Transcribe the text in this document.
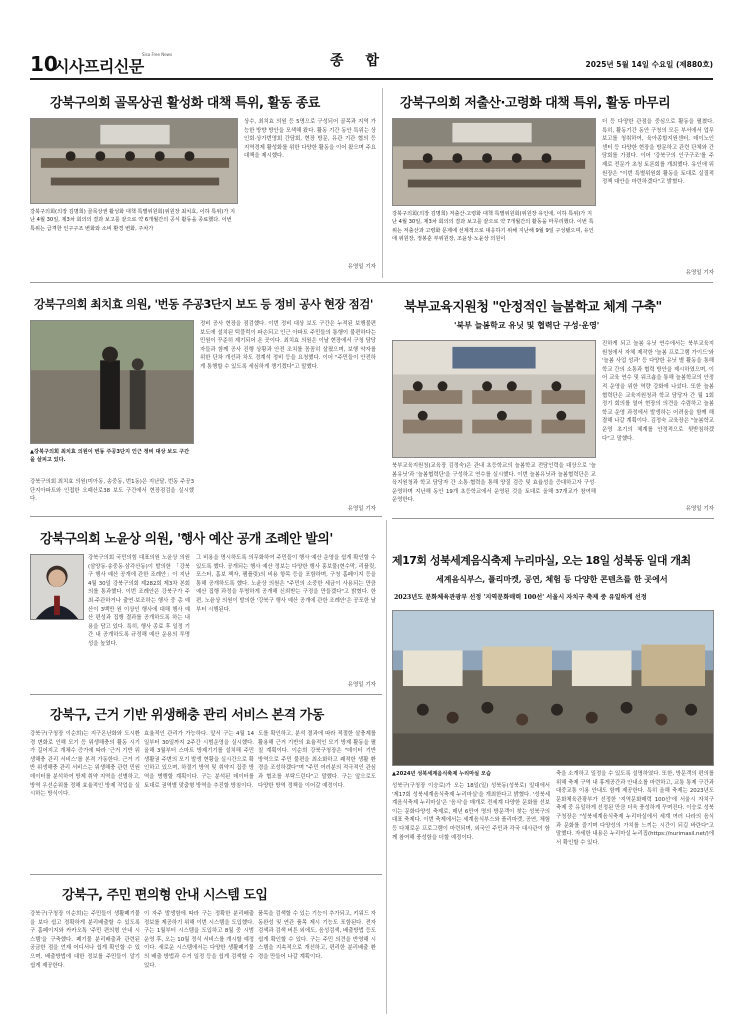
10
시사프리신문
Sisa Free News	종합	2025년 5월 14일 수요일 (제880호)
강북구의회 골목상권 활성화 대책 특위, 활동 종료
강북구의회(의장 김명희) 골목상권 활성화 대책 특별위원회(위원장 최치효, 이하 특위)가 지난 4월 30일, 제3차 회의의 결과 보고를 끝으로 약 6개월간의 공식 활동을 종료했다. 이번 특위는 급격한 인구구조 변화와 소비 환경 변화, 주차가
상수, 최치효 의원 등 5명으로 구성되어 골목과 지역 가능한 방향 방안을 모색해 왔다. 활동 기간 동안 특위는 상인회·상가번영회 간담회, 현장 방문, 유관 기관 협의 등 지역경제 활성화를 위한 다양한 활동을 이어 왔으며 주요 대책을 제시했다.
유영일 기자
강북구의회 저출산·고령화 대책 특위, 활동 마무리
강북구의회(의장 김명희) 저출산·고령화 대책 특별위원회(위원장 유인애, 이하 특위)가 지난 4월 30일, 제3차 회의의 결과 보고를 끝으로 약 7개월간의 활동을 마무리했다. 이번 특위는 저출산과 고령화 문제에 선제적으로 대응하기 위해 지난해 9월 9일 구성됐으며, 유인애 위원장, 정봉훈 부위원장, 조윤상·노윤상 의원이
더 등 다양한 관점을 중심으로 활동을 펼쳤다. 특히, 활동기간 동안 구청의 모든 부서에서 업무보고를 청취하여, 육아종합지원센터, 데이노인센터 등 다양한 현장을 방문하고 관련 단체와 간담회를 가졌다. 이어 '강북구의 인구구조'를 주제로 전문가 초청 토론회를 개최했다. 유인애 위원장은 "이번 특별위원회 활동을 토대로 실질적 정책 대안을 마련하겠다"고 밝혔다.
유영일 기자
강북구의회 최치효 의원, '번동 주공3단지 보도 등 정비 공사 현장 점검'
▲강북구의회 최치효 의원이 번동 주공3단지 인근 정비 대상 보도 구간을 살피고 있다.
강북구의회 최치효 의원(미아동, 송중동, 번1동)은 지난달, 번동 주공3단지아파트와 인접한 오패산로38 보도 구간에서 현장점검을 실시했다.
정비 공사 현장을 점검했다. 이번 정비 대상 보도 구간은 누적된 보행불편 보도에 설치된 턱블럭이 파손되고 인근 아파트 주민들의 통행이 불편하다는 민원이 꾸준히 제기되어 온 곳이다. 최치효 의원은 이날 현장에서 구청 담당자들과 함께 공사 진행 상황과 안전 조치를 꼼꼼히 살폈으며, 보행 약자를 위한 단차 개선과 차도 경계석 정비 등을 요청했다. 이어 "주민들이 안전하게 통행할 수 있도록 세심하게 챙기겠다"고 말했다.
유영일 기자
북부교육지원청 "안정적인 늘봄학교 체계 구축"
'북부 늘봄학교 유닛 및 협력단 구성·운영'
북부교육지원청(교육장 김정숙)은 관내 초등학교의 늘봄학교 전담인력을 대상으로 '늘봄유닛'과 '늘봄협력단'을 구성하고 연수를 실시했다. 이번 늘봄유닛과 늘봄협력단은 교육지원청과 학교 담당자 간 소통·협력을 통해 양질 검증 및 효율성을 증대하고자 구성·운영하며 지난해 동안 19개 초등학교에서 운영된 것을 토대로 올해 37개교가 참여해 운영한다.
진하게 되고 늘봄 유닛 연수에서는 북부교육지원청에서 자체 제작한 '늘봄 프로그램 가이드'와 '늘봄 사업 성과' 등 다양한 유닛 별 활동을 통해 학교 간의 소통과 협력 방안을 제시하였으며, 이어 교육 연수 및 워크숍을 통해 늘봄학교의 안정적 운영을 위한 역량 강화에 나섰다. 또한 늘봄협력단은 교육지원청과 학교 담당자 간 월 1회 정기 회의를 열어 현장의 의견을 수렴하고 늘봄학교 운영 과정에서 발생하는 어려움을 함께 해결해 나갈 계획이다. 김정숙 교육장은 "늘봄학교 운영 초기의 체계를 안정적으로 뒷받침하겠다"고 말했다.
유영일 기자
강북구의회 노윤상 의원, '행사 예산 공개 조례안 발의'
강북구의회 국민의힘 대표의원 노윤상 의원(삼양동·송중동·삼각산동)이 발의한 「강북구 행사 예산 공개에 관한 조례안」이 지난 4월 30일 강북구의회 제282회 제3차 본회의를 통과했다. 이번 조례안은 강북구가 주최·주관하거나 출연·보조하는 행사 중 총 예산이 3백만 원 이상인 행사에 대해 행사 예산 편성과 집행 결과를 공개하도록 하는 내용을 담고 있다. 특히, 행사 종료 후 일정 기간 내 공개하도록 규정해 예산 운용의 투명성을 높였다.
그 비용을 명시하도록 의무화하여 주민들이 행사 예산 운영을 쉽게 확인할 수 있도록 했다. 공개되는 행사 예산 정보는 다양한 행사 홍보물(현수막, 리플릿, 포스터, 홈보 책자, 팸플릿)의 비용 항목 등을 포함하며, 구청 홈페이지 등을 통해 공개하도록 했다. 노윤상 의원은 "주민의 소중한 세금이 사용되는 만큼 예산 집행 과정을 투명하게 공개해 신뢰받는 구정을 만들겠다"고 밝혔다. 한편, 노윤상 의원이 발의한 '강북구 행사 예산 공개에 관한 조례안'은 공포한 날부터 시행된다.
유영일 기자
강북구, 근거 기반 위생해충 관리 서비스 본격 가동
강북구(구청장 이순희)는 지구온난화와 도시환경 변화로 인해 모기 등 위생해충의 활동 시기가 길어지고 개체수 증가에 따라 '근거 기반 위생해충 관리 서비스'를 본격 가동한다. 근거 기반 위생해충 관리 서비스는 위생해충 관련 민원 데이터를 분석하여 방제 취약 지역을 선별하고, 방역 우선순위를 정해 효율적인 방제 작업을 실시하는 방식이다.
효율적인 관리가 가능하다. 앞서 구는 4월 14일부터 30일까지 2주간 시범운영을 실시했다. 올해 3월부터 스마트 방제기기를 설치해 주민 생활권 주변의 모기 발생 현황을 실시간으로 확인하고 있으며, 하절기 방역 및 취약지 집중 방역을 병행할 계획이다. 구는 분석된 데이터를 토대로 권역별 맞춤형 방역을 추진할 방침이다.
도를 확인하고, 분석 결과에 따라 적절한 살충제를 활용해 근거 기반의 효율적인 모기 방제 활동을 펼칠 계획이다. 이순희 강북구청장은 "데이터 기반 방역으로 주민 불편을 최소화하고 쾌적한 생활 환경을 조성하겠다"며 "주민 여러분의 적극적인 관심과 협조를 부탁드린다"고 말했다. 구는 앞으로도 다양한 방역 정책을 이어갈 예정이다.
강북구, 주민 편의형 안내 시스템 도입
강북구(구청장 이순희)는 주민들이 생활폐기물을 보다 쉽고 정확하게 분리배출할 수 있도록 구 홈페이지와 카카오톡 '주민 편의형 안내 시스템'을 구축했다. 폐기물 분리배출과 관련된 궁금한 점을 언제 어디서나 쉽게 확인할 수 있으며, 배출방법에 대한 정보를 주민들이 알기 쉽게 제공한다.
이 자주 발생함에 따라 구는 정확한 분리배출 정보를 제공하기 위해 이번 시스템을 도입했다. 구는 1월부터 시스템을 도입하고 8월 중 시범 운영 후, 오는 10월 정식 서비스를 개시할 예정이다. 새로운 시스템에서는 다양한 생활폐기물의 배출 방법과 수거 일정 등을 쉽게 검색할 수 있다.
품목을 검색할 수 있는 기능이 추가되고, 키워드 자동완성 및 연관 품목 제시 기능도 포함된다. 전자 검색과 검색 버튼 외에도, 음성검색, 배출방법 등도 쉽게 확인할 수 있다. 구는 주민 의견을 반영해 시스템을 지속적으로 개선하고, 편리한 분리배출 환경을 만들어 나갈 계획이다.
제17회 성북세계음식축제 누리마실, 오는 18일 성북동 일대 개최
세계음식부스, 플리마켓, 공연, 체험 등 다양한 콘텐츠를 한 곳에서
2023년도 문화체육관광부 선정 '지역문화매력 100선' 서울시 자치구 축제 중 유일하게 선정
▲2024년 성북세계음식축제 누리마실 모습
성북구(구청장 이승로)가 오는 18일(일) 성북동(성북로) 일대에서 '제17회 성북세계음식축제 누리마실'을 개최한다고 밝혔다. '성북세계음식축제 누리마실'은 '음식'을 매개로 전세계 다양한 문화를 선보이는 문화다양성 축제로, 매년 6만여 명의 방문객이 찾는 성북구의 대표 축제다. 이번 축제에서는 세계음식부스와 플리마켓, 공연, 체험 등 다채로운 프로그램이 마련되며, 외국인 주민과 각국 대사관이 함께 참여해 풍성함을 더할 예정이다.
축을 소개하고 일정을 수 있도록 설명하였다. 또한, 방문객의 편의를 위해 축제 구역 내 휴게공간과 안내소를 마련하고, 교통 통제 구간과 대중교통 이용 안내도 함께 제공한다. 특히 올해 축제는 2023년도 문화체육관광부가 선정한 '지역문화매력 100선'에 서울시 자치구 축제 중 유일하게 선정된 만큼 더욱 풍성하게 꾸며진다. 이승로 성북구청장은 "성북세계음식축제 누리마실에서 세계 여러 나라의 음식과 문화를 즐기며 다양성의 가치를 느끼는 시간이 되길 바란다"고 말했다. 자세한 내용은 누리마실 누리집(https://nurimasil.net/)에서 확인할 수 있다.
